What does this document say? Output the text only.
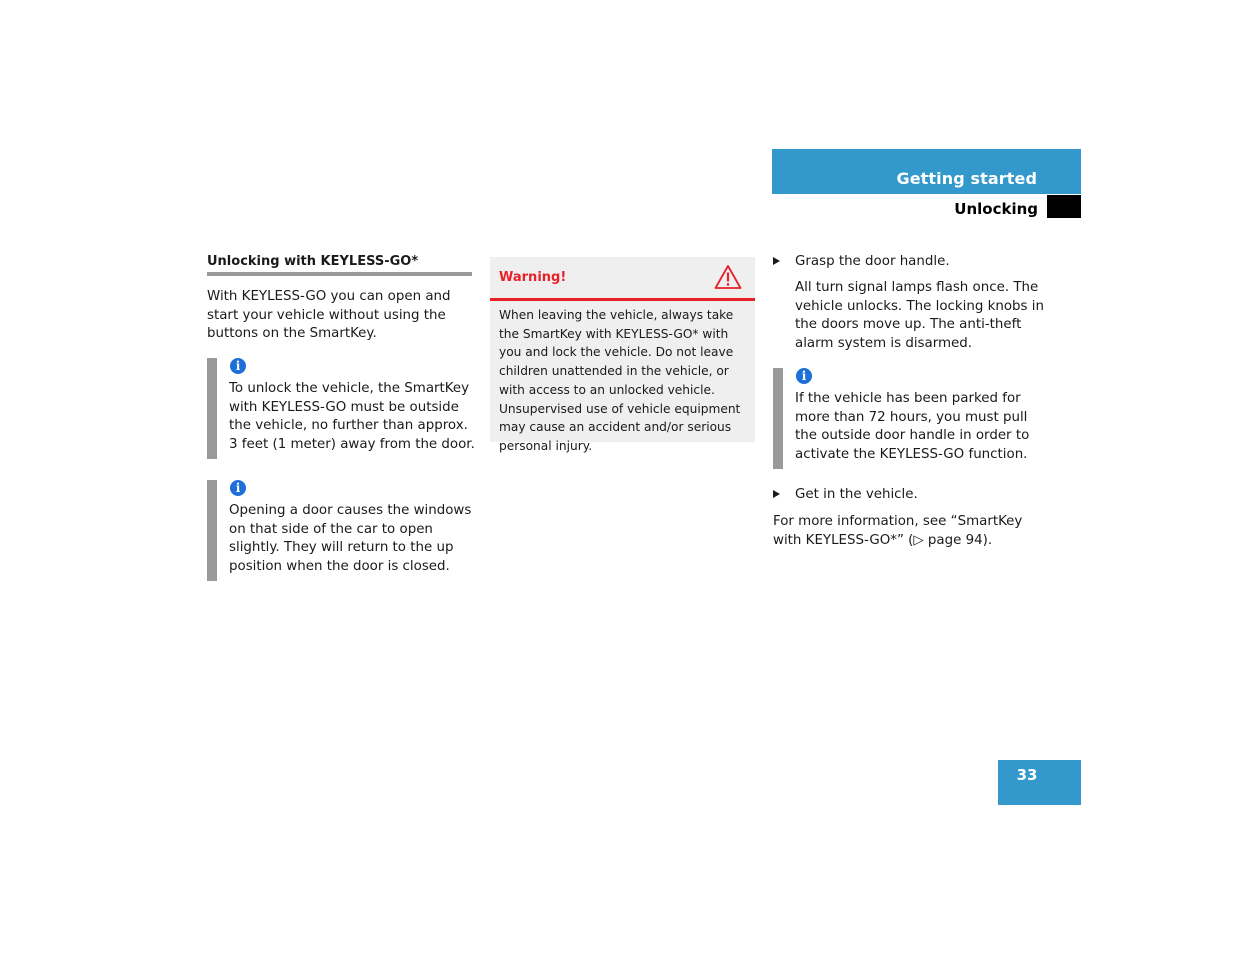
Getting started
Unlocking
Unlocking with KEYLESS-GO*
With KEYLESS-GO you can open and start your vehicle without using the buttons on the SmartKey.
i
To unlock the vehicle, the SmartKey with KEYLESS-GO must be outside the vehicle, no further than approx. 3 feet (1 meter) away from the door.
i
Opening a door causes the windows on that side of the car to open slightly. They will return to the up position when the door is closed.
Warning!
When leaving the vehicle, always take the SmartKey with KEYLESS-GO* with you and lock the vehicle. Do not leave children unattended in the vehicle, or with access to an unlocked vehicle. Unsupervised use of vehicle equipment may cause an accident and/or serious personal injury.
Grasp the door handle.
All turn signal lamps flash once. The vehicle unlocks. The locking knobs in the doors move up. The anti-theft alarm system is disarmed.
i
If the vehicle has been parked for more than 72 hours, you must pull the outside door handle in order to activate the KEYLESS-GO function.
Get in the vehicle.
For more information, see “SmartKey with KEYLESS-GO*” (▷ page 94).
33
